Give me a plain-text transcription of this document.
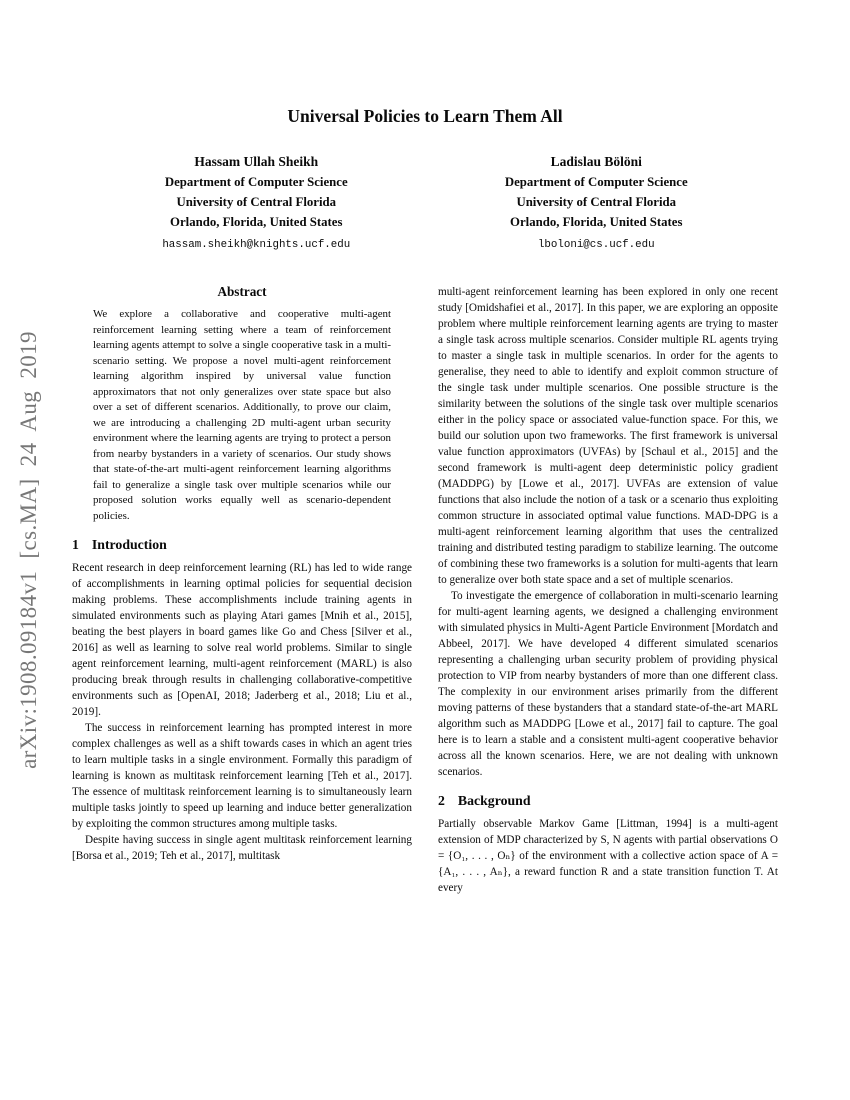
arXiv:1908.09184v1 [cs.MA] 24 Aug 2019
Universal Policies to Learn Them All
Hassam Ullah Sheikh
Department of Computer Science
University of Central Florida
Orlando, Florida, United States
hassam.sheikh@knights.ucf.edu
Ladislau Bölöni
Department of Computer Science
University of Central Florida
Orlando, Florida, United States
lboloni@cs.ucf.edu
Abstract

We explore a collaborative and cooperative multi-agent reinforcement learning setting where a team of reinforcement learning agents attempt to solve a single cooperative task in a multi-scenario setting. We propose a novel multi-agent reinforcement learning algorithm inspired by universal value function approximators that not only generalizes over state space but also over a set of different scenarios. Additionally, to prove our claim, we are introducing a challenging 2D multi-agent urban security environment where the learning agents are trying to protect a person from nearby bystanders in a variety of scenarios. Our study shows that state-of-the-art multi-agent reinforcement learning algorithms fail to generalize a single task over multiple scenarios while our proposed solution works equally well as scenario-dependent policies.

1 Introduction

Recent research in deep reinforcement learning (RL) has led to wide range of accomplishments in learning optimal policies for sequential decision making problems. These accomplishments include training agents in simulated environments such as playing Atari games [Mnih et al., 2015], beating the best players in board games like Go and Chess [Silver et al., 2016] as well as learning to solve real world problems. Similar to single agent reinforcement learning, multi-agent reinforcement (MARL) is also producing break through results in challenging collaborative-competitive environments such as [OpenAI, 2018; Jaderberg et al., 2018; Liu et al., 2019].

The success in reinforcement learning has prompted interest in more complex challenges as well as a shift towards cases in which an agent tries to learn multiple tasks in a single environment. Formally this paradigm of learning is known as multitask reinforcement learning [Teh et al., 2017]. The essence of multitask reinforcement learning is to simultaneously learn multiple tasks jointly to speed up learning and induce better generalization by exploiting the common structures among multiple tasks.

Despite having success in single agent multitask reinforcement learning [Borsa et al., 2019; Teh et al., 2017], multitask

multi-agent reinforcement learning has been explored in only one recent study [Omidshafiei et al., 2017]. In this paper, we are exploring an opposite problem where multiple reinforcement learning agents are trying to master a single task across multiple scenarios. Consider multiple RL agents trying to master a single task in multiple scenarios. In order for the agents to generalise, they need to able to identify and exploit common structure of the single task under multiple scenarios. One possible structure is the similarity between the solutions of the single task over multiple scenarios either in the policy space or associated value-function space. For this, we build our solution upon two frameworks. The first framework is universal value function approximators (UVFAs) by [Schaul et al., 2015] and the second framework is multi-agent deep deterministic policy gradient (MADDPG) by [Lowe et al., 2017]. UVFAs are extension of value functions that also include the notion of a task or a scenario thus exploiting common structure in associated optimal value functions. MAD-DPG is a multi-agent reinforcement learning algorithm that uses the centralized training and distributed testing paradigm to stabilize learning. The outcome of combining these two frameworks is a solution for multi-agents that learn to generalize over both state space and a set of multiple scenarios.

To investigate the emergence of collaboration in multi-scenario learning for multi-agent learning agents, we designed a challenging environment with simulated physics in Multi-Agent Particle Environment [Mordatch and Abbeel, 2017]. We have developed 4 different simulated scenarios representing a challenging urban security problem of providing physical protection to VIP from nearby bystanders of more than one different class. The complexity in our environment arises primarily from the different moving patterns of these bystanders that a standard state-of-the-art MARL algorithm such as MADDPG [Lowe et al., 2017] fail to capture. The goal here is to learn a stable and a consistent multi-agent cooperative behavior across all the known scenarios. Here, we are not dealing with unknown scenarios.

2 Background

Partially observable Markov Game [Littman, 1994] is a multi-agent extension of MDP characterized by S, N agents with partial observations O = {O₁, . . . , Oₙ} of the environment with a collective action space of A = {A₁, . . . , Aₙ}, a reward function R and a state transition function T. At every
